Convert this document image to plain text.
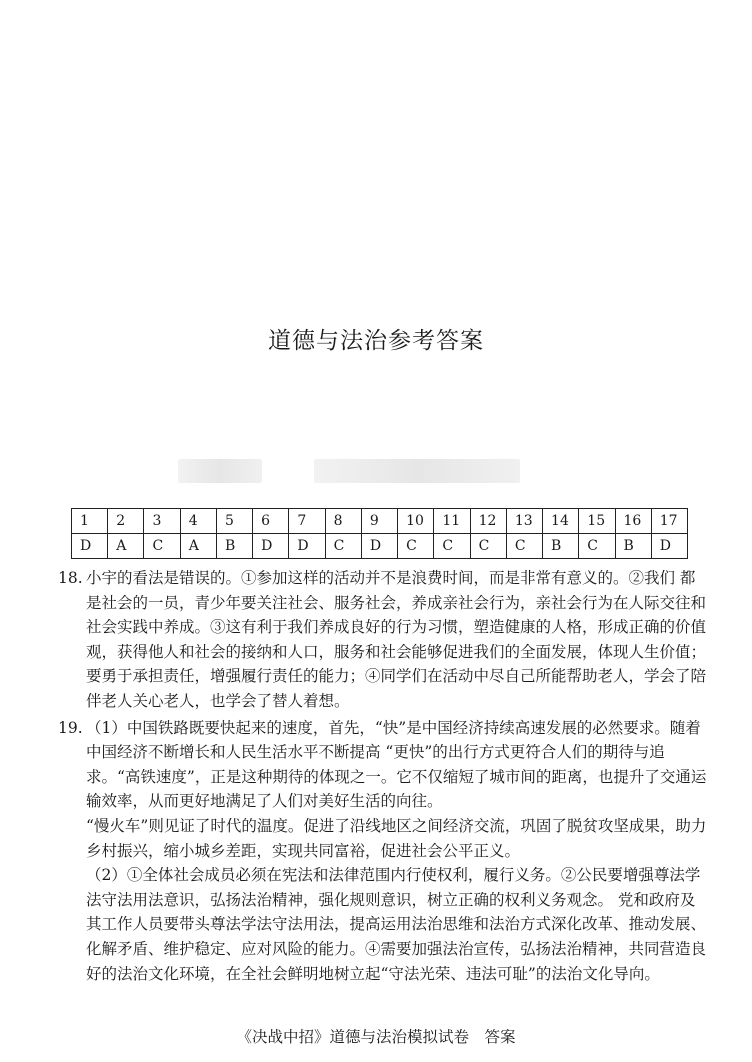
道德与法治参考答案
1	2	3	4	5	6	7	8	9	10	11	12	13	14	15	16	17
D	A	C	A	B	D	D	C	D	C	C	C	C	B	C	B	D
18. 小宇的看法是错误的。①参加这样的活动并不是浪费时间，而是非常有意义的。②我们 都是社会的一员，青少年要关注社会、服务社会，养成亲社会行为，亲社会行为在人际交往和社会实践中养成。③这有利于我们养成良好的行为习惯，塑造健康的人格，形成正确的价值观，获得他人和社会的接纳和人口，服务和社会能够促进我们的全面发展，体现人生价值；要勇于承担责任，增强履行责任的能力；④同学们在活动中尽自己所能帮助老人，学会了陪伴老人关心老人，也学会了替人着想。
19. （1）中国铁路既要快起来的速度，首先，“快”是中国经济持续高速发展的必然要求。随着中国经济不断增长和人民生活水平不断提高 “更快”的出行方式更符合人们的期待与追求。“高铁速度”，正是这种期待的体现之一。它不仅缩短了城市间的距离，也提升了交通运输效率，从而更好地满足了人们对美好生活的向往。
“慢火车”则见证了时代的温度。促进了沿线地区之间经济交流，巩固了脱贫攻坚成果，助力乡村振兴，缩小城乡差距，实现共同富裕，促进社会公平正义。
（2）①全体社会成员必须在宪法和法律范围内行使权利，履行义务。②公民要增强尊法学法守法用法意识，弘扬法治精神，强化规则意识，树立正确的权利义务观念。 党和政府及其工作人员要带头尊法学法守法用法，提高运用法治思维和法治方式深化改革、推动发展、化解矛盾、维护稳定、应对风险的能力。④需要加强法治宣传，弘扬法治精神，共同营造良好的法治文化环境，在全社会鲜明地树立起“守法光荣、违法可耻”的法治文化导向。
《决战中招》道德与法治模拟试卷　答案
